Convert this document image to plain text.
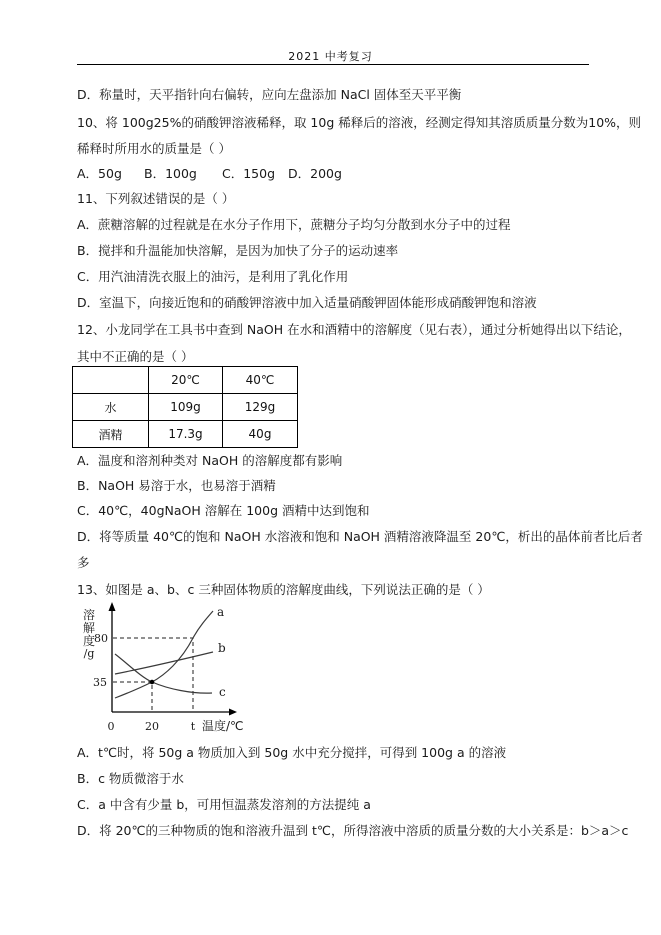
2021 中考复习
D．称量时，天平指针向右偏转，应向左盘添加 NaCl 固体至天平平衡
10、将 100g25%的硝酸钾溶液稀释，取 10g 稀释后的溶液，经测定得知其溶质质量分数为10%，则
稀释时所用水的质量是（ ）
A．50g B．100g C．150g D．200g
11、下列叙述错误的是（ ）
A．蔗糖溶解的过程就是在水分子作用下，蔗糖分子均匀分散到水分子中的过程
B．搅拌和升温能加快溶解，是因为加快了分子的运动速率
C．用汽油清洗衣服上的油污，是利用了乳化作用
D．室温下，向接近饱和的硝酸钾溶液中加入适量硝酸钾固体能形成硝酸钾饱和溶液
12、小龙同学在工具书中查到 NaOH 在水和酒精中的溶解度（见右表），通过分析她得出以下结论，
其中不正确的是（ ）
	20℃	40℃
水	109g	129g
酒精	17.3g	40g
A．温度和溶剂种类对 NaOH 的溶解度都有影响
B．NaOH 易溶于水，也易溶于酒精
C．40℃，40gNaOH 溶解在 100g 酒精中达到饱和
D．将等质量 40℃的饱和 NaOH 水溶液和饱和 NaOH 酒精溶液降温至 20℃，析出的晶体前者比后者
多
13、如图是 a、b、c 三种固体物质的溶解度曲线，下列说法正确的是（ ）
a
b
c
溶
解
度
/g
80
35
0	20	t 温度/℃
A．t℃时，将 50g a 物质加入到 50g 水中充分搅拌，可得到 100g a 的溶液
B．c 物质微溶于水
C．a 中含有少量 b，可用恒温蒸发溶剂的方法提纯 a
D．将 20℃的三种物质的饱和溶液升温到 t℃，所得溶液中溶质的质量分数的大小关系是：b＞a＞c
